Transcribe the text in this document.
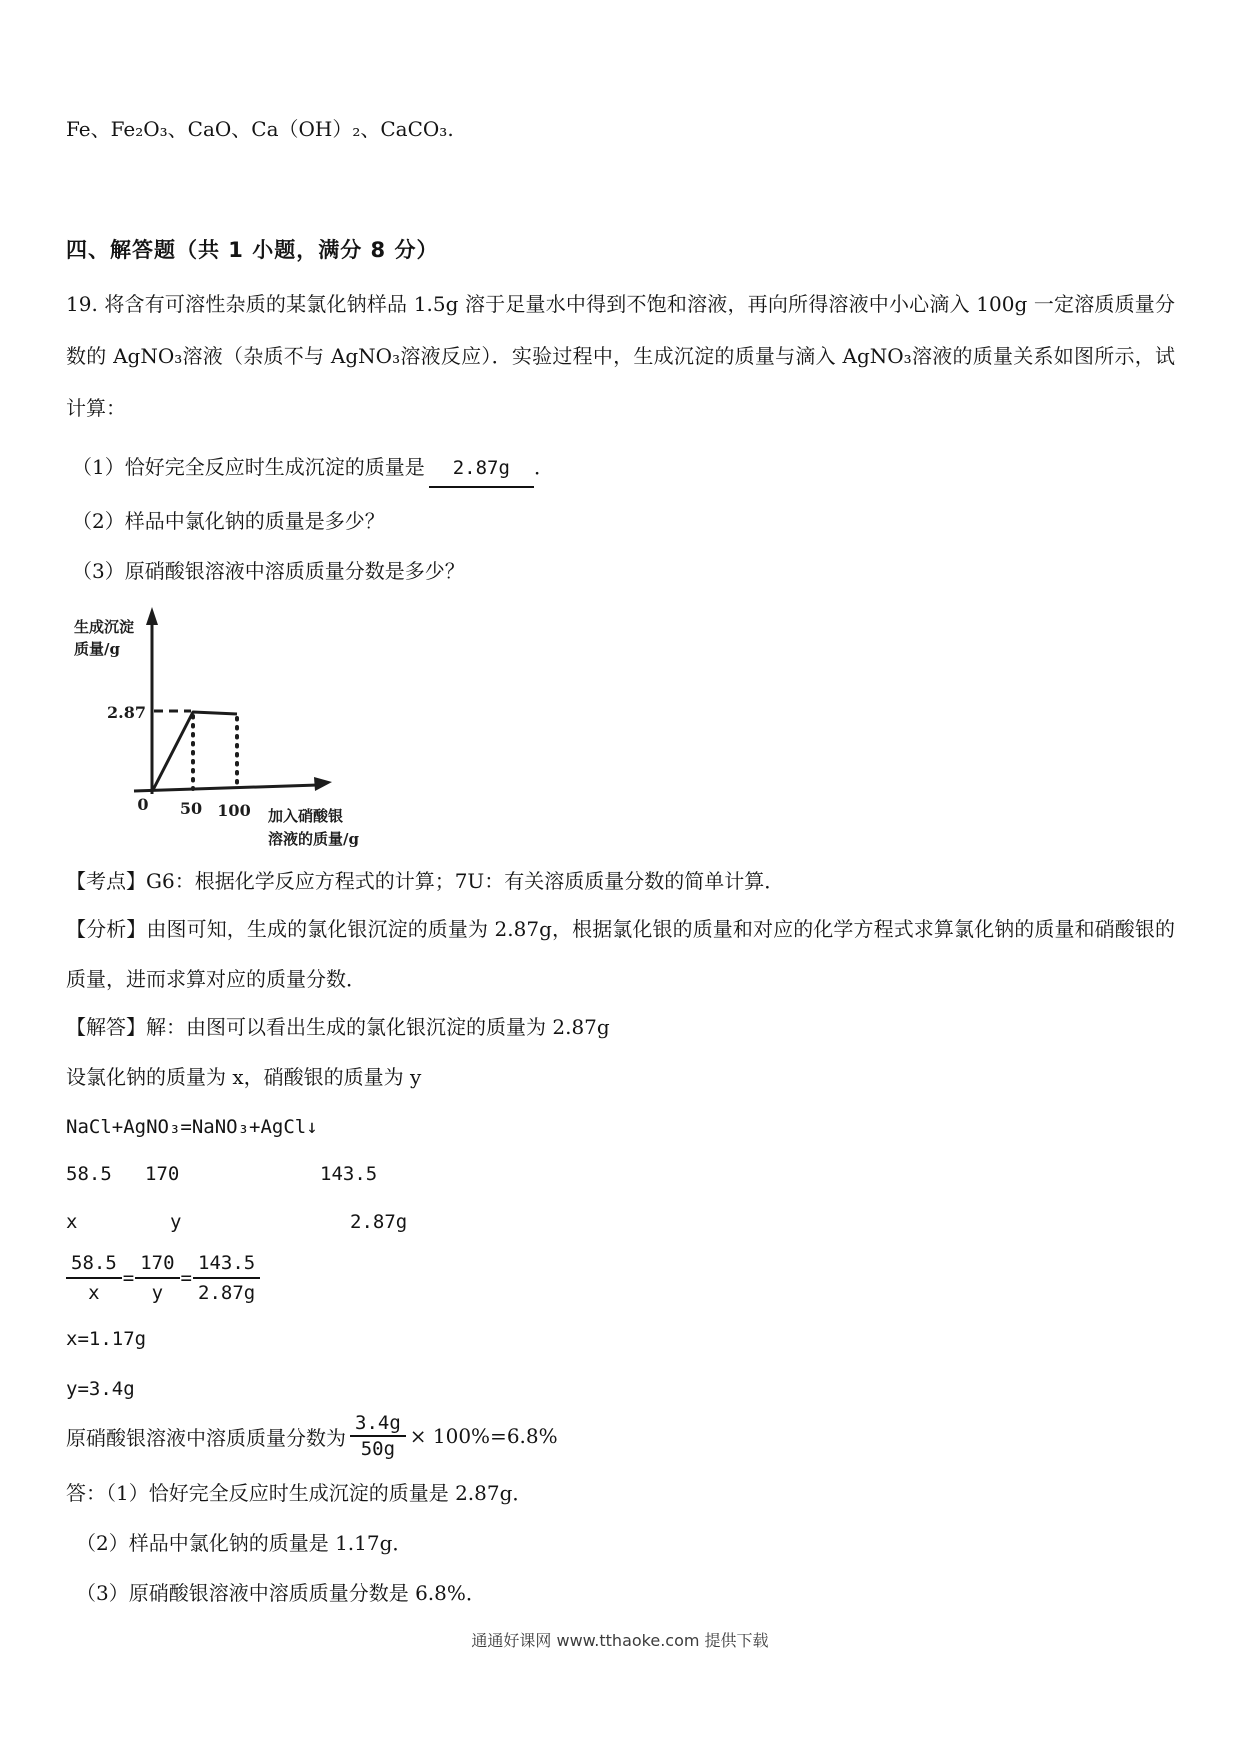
Fe、Fe₂O₃、CaO、Ca（OH）₂、CaCO₃.

四、解答题（共 1 小题，满分 8 分）

19. 将含有可溶性杂质的某氯化钠样品 1.5g 溶于足量水中得到不饱和溶液，再向所得溶液中小心滴入 100g 一定溶质质量分数的 AgNO₃溶液（杂质不与 AgNO₃溶液反应）．实验过程中，生成沉淀的质量与滴入 AgNO₃溶液的质量关系如图所示，试计算：

（1）恰好完全反应时生成沉淀的质量是 2.87g ．

（2）样品中氯化钠的质量是多少？

（3）原硝酸银溶液中溶质质量分数是多少？

生成沉淀
质量/g
2.87
0 50 100 加入硝酸银
溶液的质量/g

【考点】G6：根据化学反应方程式的计算；7U：有关溶质质量分数的简单计算．

【分析】由图可知，生成的氯化银沉淀的质量为 2.87g，根据氯化银的质量和对应的化学方程式求算氯化钠的质量和硝酸银的质量，进而求算对应的质量分数．

【解答】解：由图可以看出生成的氯化银沉淀的质量为 2.87g

设氯化钠的质量为 x，硝酸银的质量为 y

NaCl+AgNO₃=NaNO₃+AgCl↓

58.5	170	143.5
x	y	2.87g
$\frac{58.5}{x} = \frac{170}{y} = \frac{143.5}{2.87g}$

x=1.17g

y=3.4g

原硝酸银溶液中溶质质量分数为 $\frac{3.4g}{50g} \times 100\%=6.8\%$

答：（1）恰好完全反应时生成沉淀的质量是 2.87g．

（2）样品中氯化钠的质量是 1.17g．

（3）原硝酸银溶液中溶质质量分数是 6.8%．

通通好课网 www.tthaoke.com 提供下载
